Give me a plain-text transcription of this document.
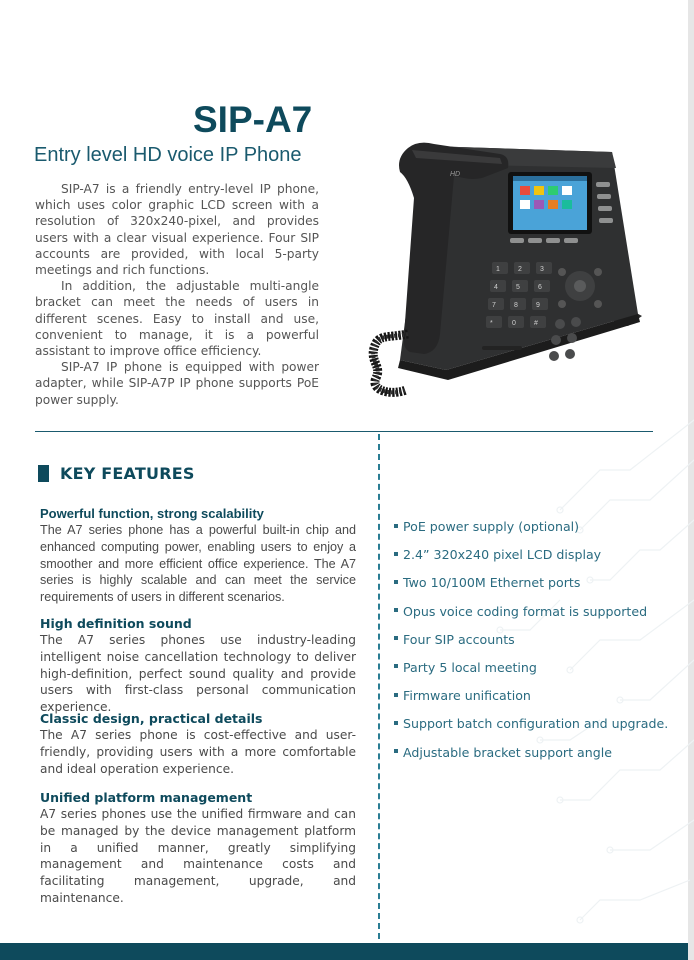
SIP-A7
Entry level HD voice IP Phone

SIP-A7 is a friendly entry-level IP phone, which uses color graphic LCD screen with a resolution of 320x240-pixel, and provides users with a clear visual experience. Four SIP accounts are provided, with local 5-party meetings and rich functions.

In addition, the adjustable multi-angle bracket can meet the needs of users in different scenes. Easy to install and use, convenient to manage, it is a powerful assistant to improve office efficiency.

SIP-A7 IP phone is equipped with power adapter, while SIP-A7P IP phone supports PoE power supply.

HD
1	2	3
4	5	6
7	8	9
*	0	#
KEY FEATURES
Powerful function, strong scalability

The A7 series phone has a powerful built-in chip and enhanced computing power, enabling users to enjoy a smoother and more efficient office experience. The A7 series is highly scalable and can meet the service requirements of users in different scenarios.

High definition sound

The A7 series phones use industry-leading intelligent noise cancellation technology to deliver high-definition, perfect sound quality and provide users with first-class personal communication experience.

Classic design, practical details

The A7 series phone is cost-effective and user-friendly, providing users with a more comfortable and ideal operation experience.

Unified platform management

A7 series phones use the unified firmware and can be managed by the device management platform in a unified manner, greatly simplifying management and maintenance costs and facilitating management, upgrade, and maintenance.

PoE power supply (optional)
2.4” 320x240 pixel LCD display
Two 10/100M Ethernet ports
Opus voice coding format is supported
Four SIP accounts
Party 5 local meeting
Firmware unification
Support batch configuration and upgrade.
Adjustable bracket support angle
